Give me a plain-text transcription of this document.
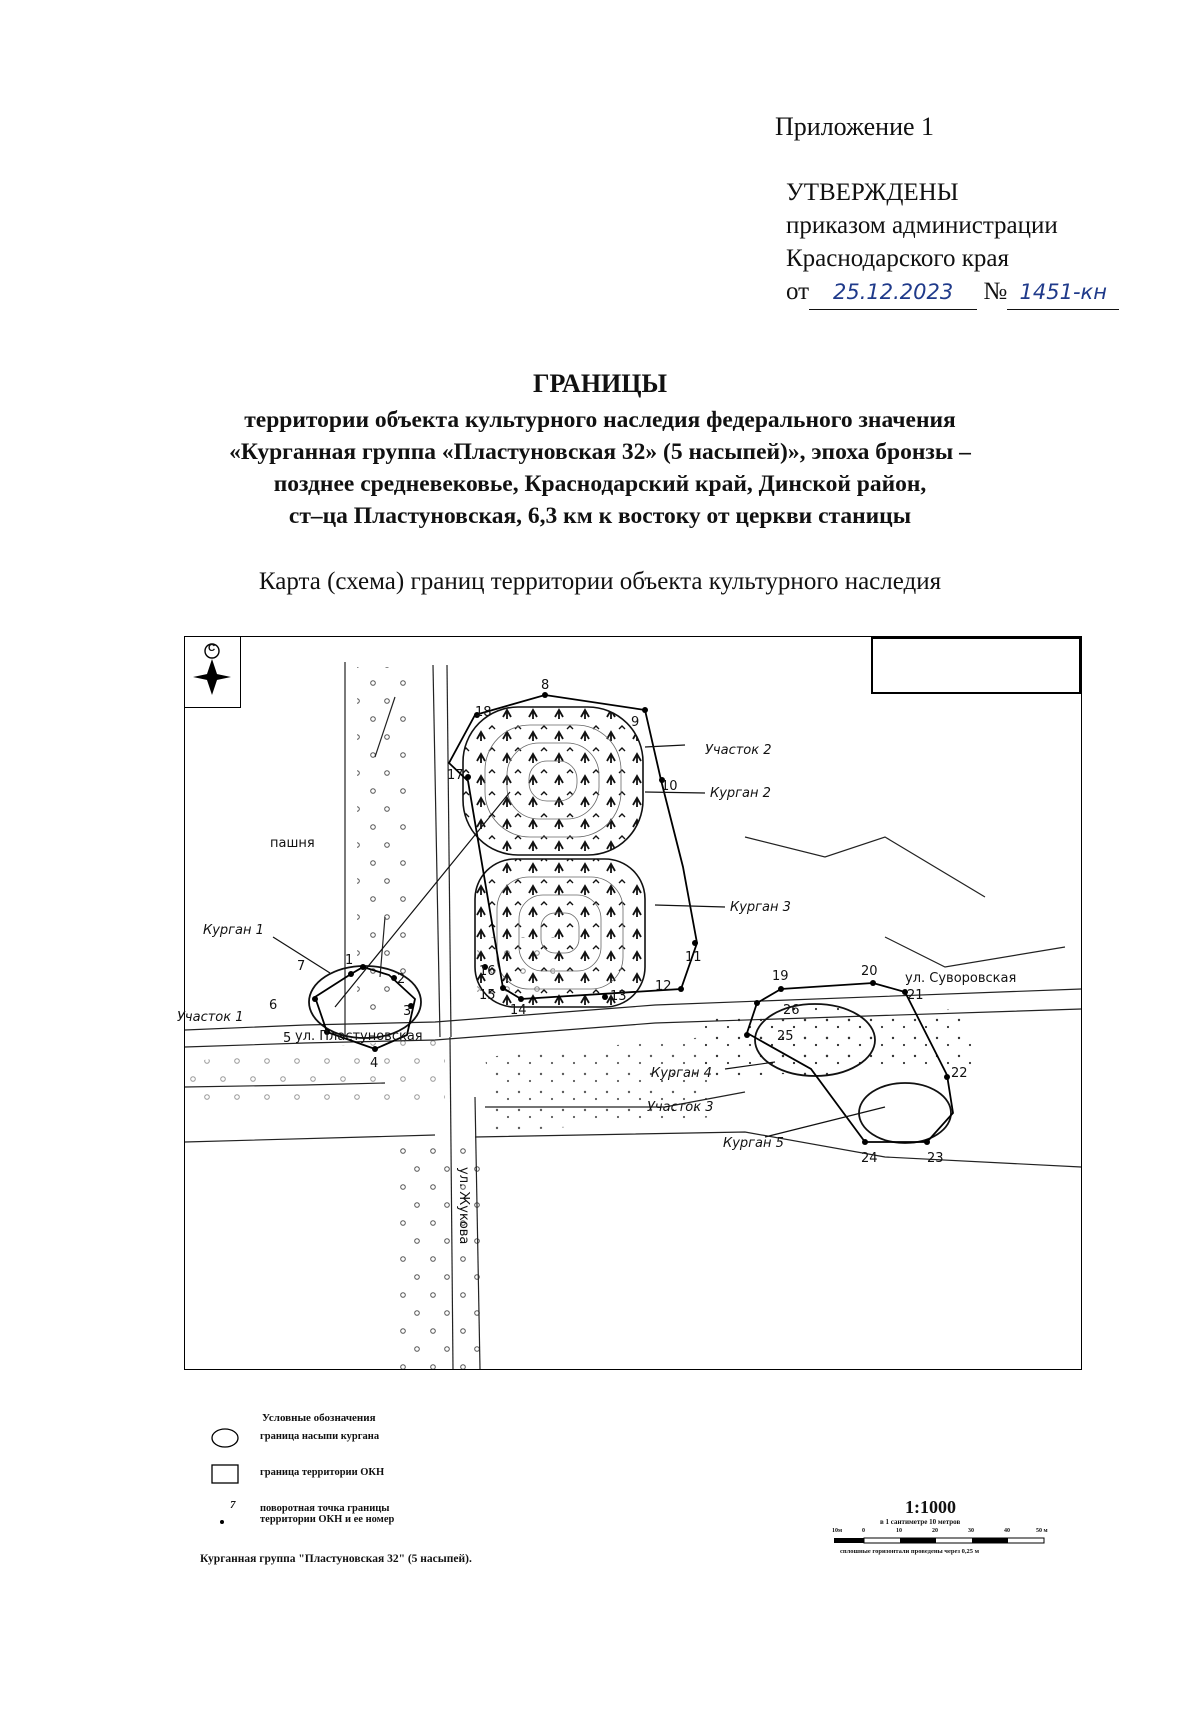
Приложение 1
УТВЕРЖДЕНЫ
приказом администрации
Краснодарского края
от 25.12.2023 № 1451-кн
ГРАНИЦЫ
территории объекта культурного наследия федерального значения
«Курганная группа «Пластуновская 32» (5 насыпей)», эпоха бронзы –
позднее средневековье, Краснодарский край, Динской район,
ст–ца Пластуновская, 6,3 км к востоку от церкви станицы
Карта (схема) границ территории объекта культурного наследия
Курган 1
Курган 2
Курган 3
Курган 4
Курган 5
Участок 1
Участок 2
Участок 3
ул. Пластуновская
ул. Суворовская
ул. Жукова
пашня
1
2
3
4
5
6
7
8
9
10
11
12
13
14
15
16
17
18
19	20
21
22
23
24
25
26
С
Условные обозначения
граница насыпи кургана
граница территории ОКН
7 поворотная точка границы
территории ОКН и ее номер
Курганная группа "Пластуновская 32" (5 насыпей).
1:1000
в 1 сантиметре 10 метров
10м	0	10	20	30	40	50 м
сплошные горизонтали проведены через 0,25 м
